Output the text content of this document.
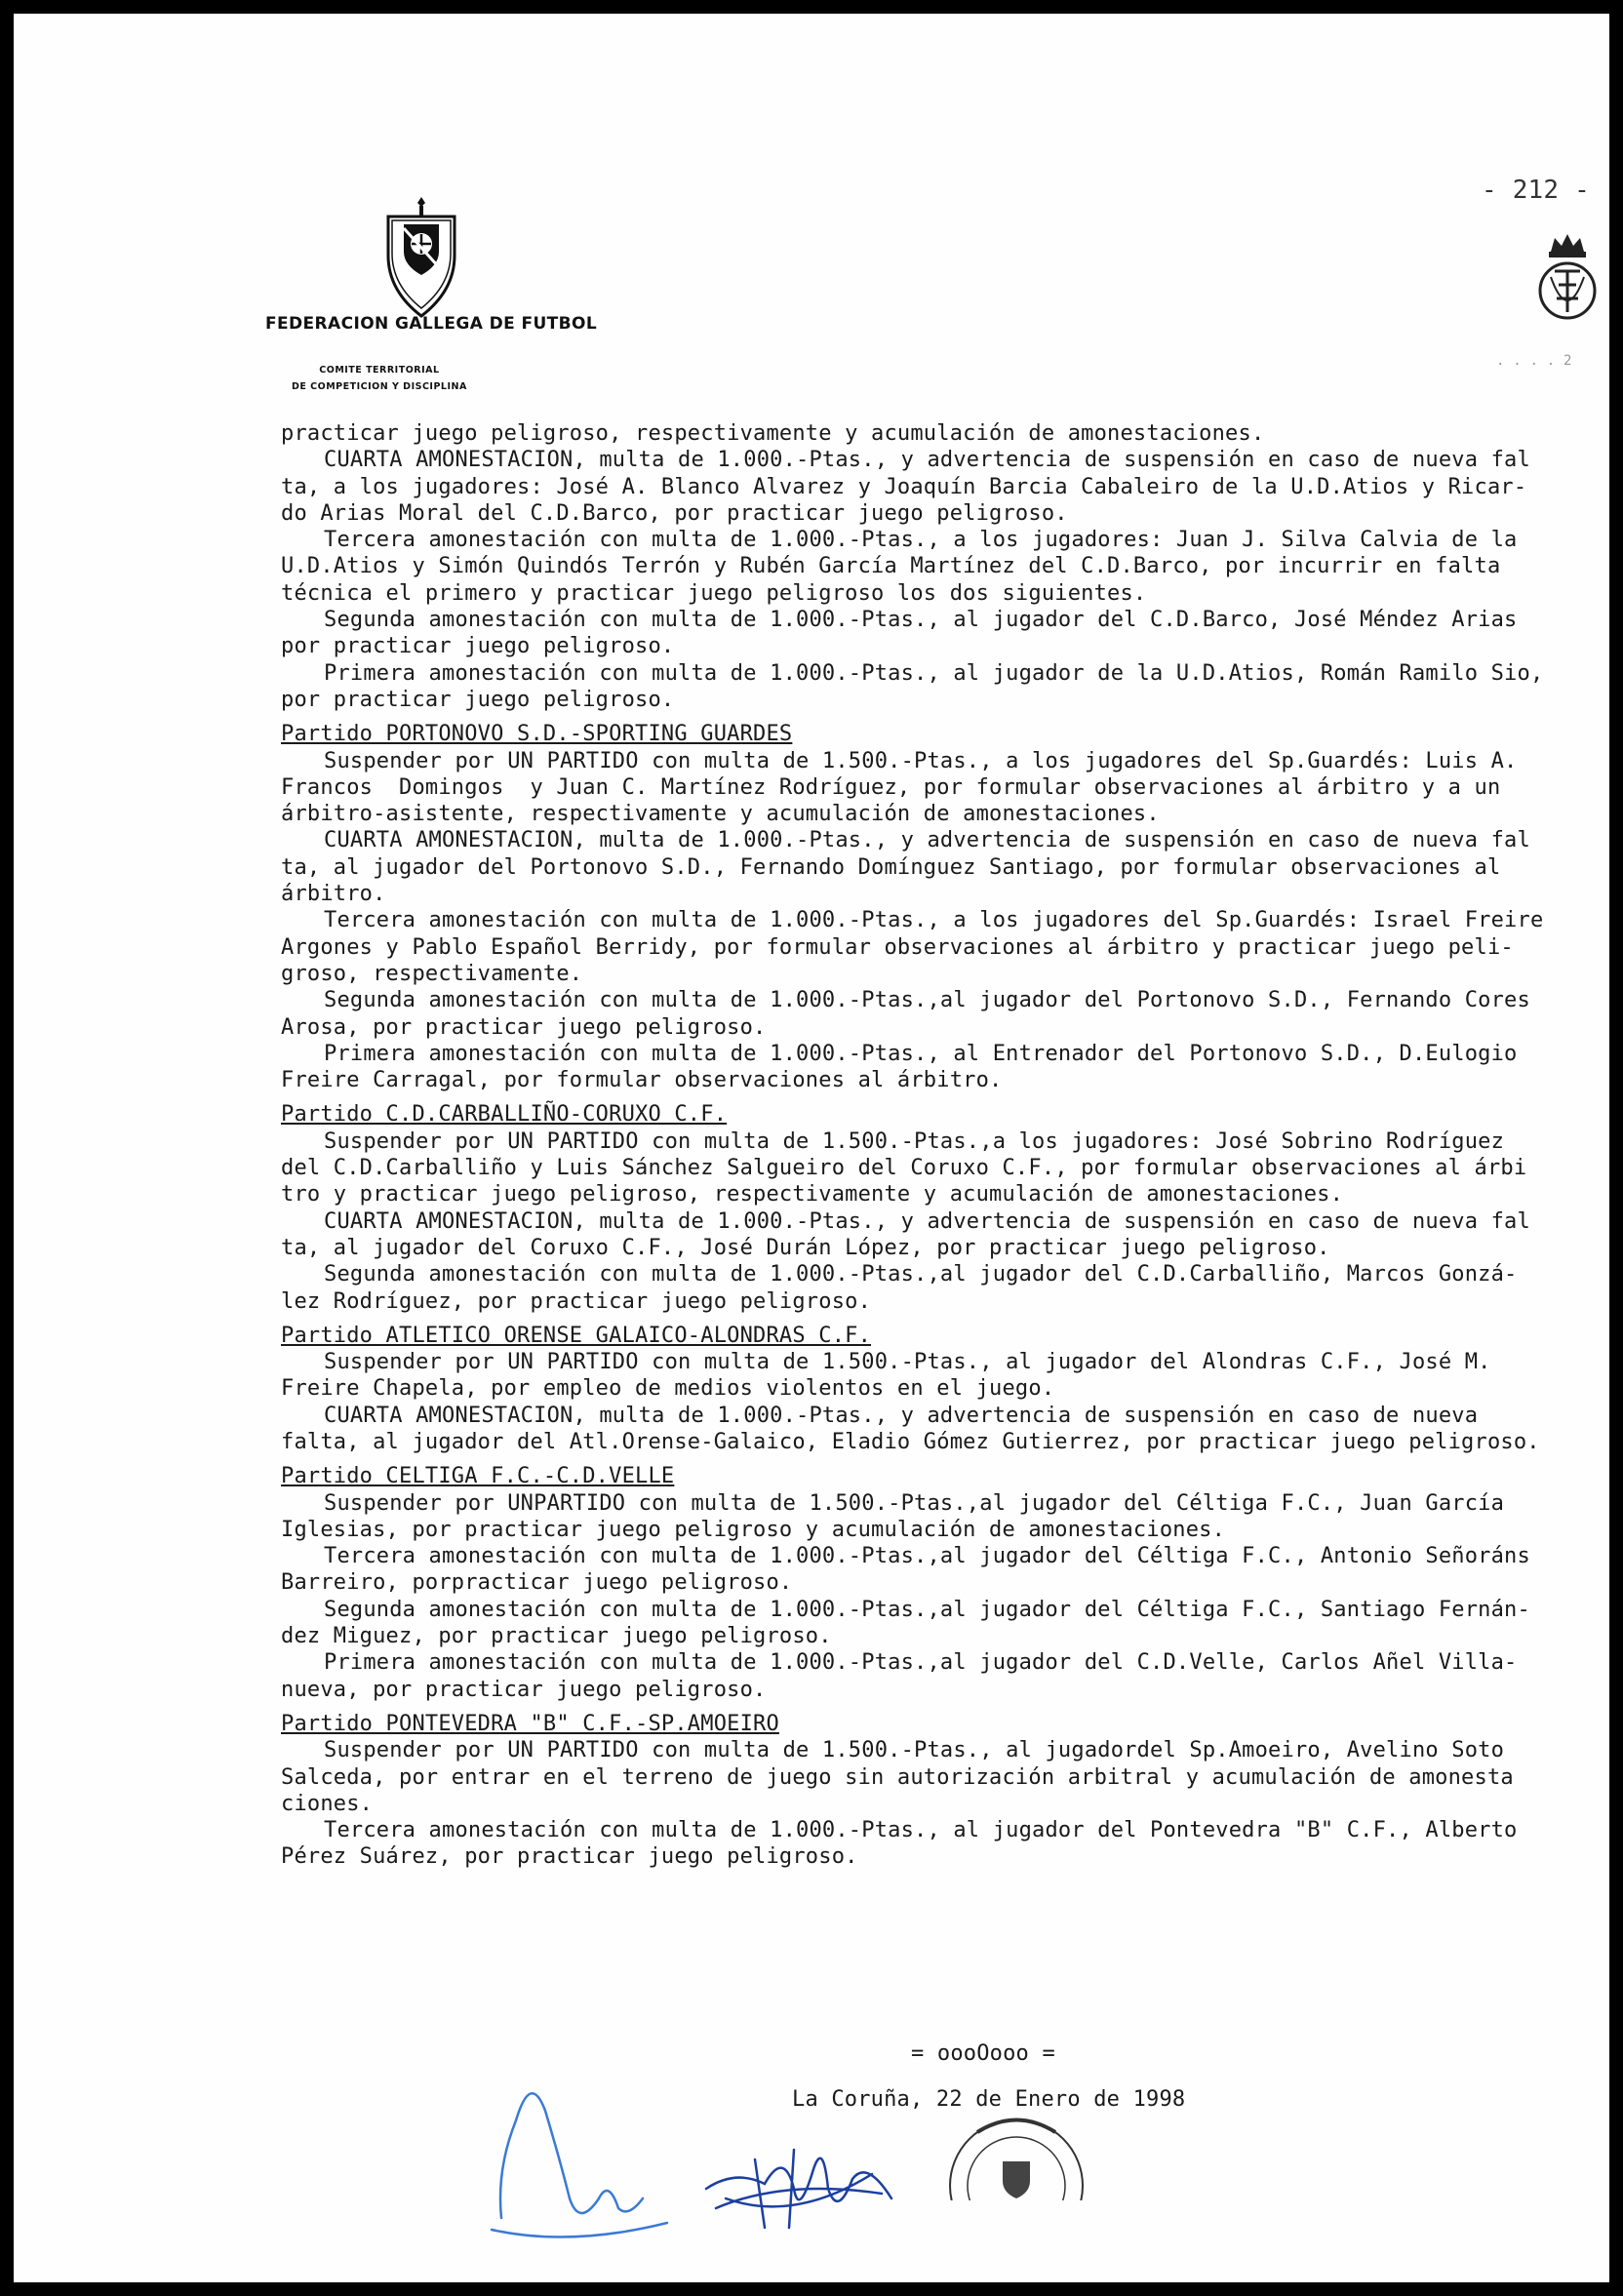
- 212 -
FEDERACION GALLEGA DE FUTBOL
COMITE TERRITORIAL
DE COMPETICION Y DISCIPLINA
. . . . 2
practicar juego peligroso, respectivamente y acumulación de amonestaciones.
CUARTA AMONESTACION, multa de 1.000.-Ptas., y advertencia de suspensión en caso de nueva fal
ta, a los jugadores: José A. Blanco Alvarez y Joaquín Barcia Cabaleiro de la U.D.Atios y Ricar-
do Arias Moral del C.D.Barco, por practicar juego peligroso.
Tercera amonestación con multa de 1.000.-Ptas., a los jugadores: Juan J. Silva Calvia de la
U.D.Atios y Simón Quindós Terrón y Rubén García Martínez del C.D.Barco, por incurrir en falta
técnica el primero y practicar juego peligroso los dos siguientes.
Segunda amonestación con multa de 1.000.-Ptas., al jugador del C.D.Barco, José Méndez Arias
por practicar juego peligroso.
Primera amonestación con multa de 1.000.-Ptas., al jugador de la U.D.Atios, Román Ramilo Sio,
por practicar juego peligroso.
Partido PORTONOVO S.D.-SPORTING GUARDES
Suspender por UN PARTIDO con multa de 1.500.-Ptas., a los jugadores del Sp.Guardés: Luis A.
Francos  Domingos  y Juan C. Martínez Rodríguez, por formular observaciones al árbitro y a un
árbitro-asistente, respectivamente y acumulación de amonestaciones.
CUARTA AMONESTACION, multa de 1.000.-Ptas., y advertencia de suspensión en caso de nueva fal
ta, al jugador del Portonovo S.D., Fernando Domínguez Santiago, por formular observaciones al
árbitro.
Tercera amonestación con multa de 1.000.-Ptas., a los jugadores del Sp.Guardés: Israel Freire
Argones y Pablo Español Berridy, por formular observaciones al árbitro y practicar juego peli-
groso, respectivamente.
Segunda amonestación con multa de 1.000.-Ptas.,al jugador del Portonovo S.D., Fernando Cores
Arosa, por practicar juego peligroso.
Primera amonestación con multa de 1.000.-Ptas., al Entrenador del Portonovo S.D., D.Eulogio
Freire Carragal, por formular observaciones al árbitro.
Partido C.D.CARBALLIÑO-CORUXO C.F.
Suspender por UN PARTIDO con multa de 1.500.-Ptas.,a los jugadores: José Sobrino Rodríguez
del C.D.Carballiño y Luis Sánchez Salgueiro del Coruxo C.F., por formular observaciones al árbi
tro y practicar juego peligroso, respectivamente y acumulación de amonestaciones.
CUARTA AMONESTACION, multa de 1.000.-Ptas., y advertencia de suspensión en caso de nueva fal
ta, al jugador del Coruxo C.F., José Durán López, por practicar juego peligroso.
Segunda amonestación con multa de 1.000.-Ptas.,al jugador del C.D.Carballiño, Marcos Gonzá-
lez Rodríguez, por practicar juego peligroso.
Partido ATLETICO ORENSE GALAICO-ALONDRAS C.F.
Suspender por UN PARTIDO con multa de 1.500.-Ptas., al jugador del Alondras C.F., José M.
Freire Chapela, por empleo de medios violentos en el juego.
CUARTA AMONESTACION, multa de 1.000.-Ptas., y advertencia de suspensión en caso de nueva
falta, al jugador del Atl.Orense-Galaico, Eladio Gómez Gutierrez, por practicar juego peligroso.
Partido CELTIGA F.C.-C.D.VELLE
Suspender por UNPARTIDO con multa de 1.500.-Ptas.,al jugador del Céltiga F.C., Juan García
Iglesias, por practicar juego peligroso y acumulación de amonestaciones.
Tercera amonestación con multa de 1.000.-Ptas.,al jugador del Céltiga F.C., Antonio Señoráns
Barreiro, porpracticar juego peligroso.
Segunda amonestación con multa de 1.000.-Ptas.,al jugador del Céltiga F.C., Santiago Fernán-
dez Miguez, por practicar juego peligroso.
Primera amonestación con multa de 1.000.-Ptas.,al jugador del C.D.Velle, Carlos Añel Villa-
nueva, por practicar juego peligroso.
Partido PONTEVEDRA "B" C.F.-SP.AMOEIRO
Suspender por UN PARTIDO con multa de 1.500.-Ptas., al jugadordel Sp.Amoeiro, Avelino Soto
Salceda, por entrar en el terreno de juego sin autorización arbitral y acumulación de amonesta
ciones.
Tercera amonestación con multa de 1.000.-Ptas., al jugador del Pontevedra "B" C.F., Alberto
Pérez Suárez, por practicar juego peligroso.
= oooOooo =
La Coruña, 22 de Enero de 1998
